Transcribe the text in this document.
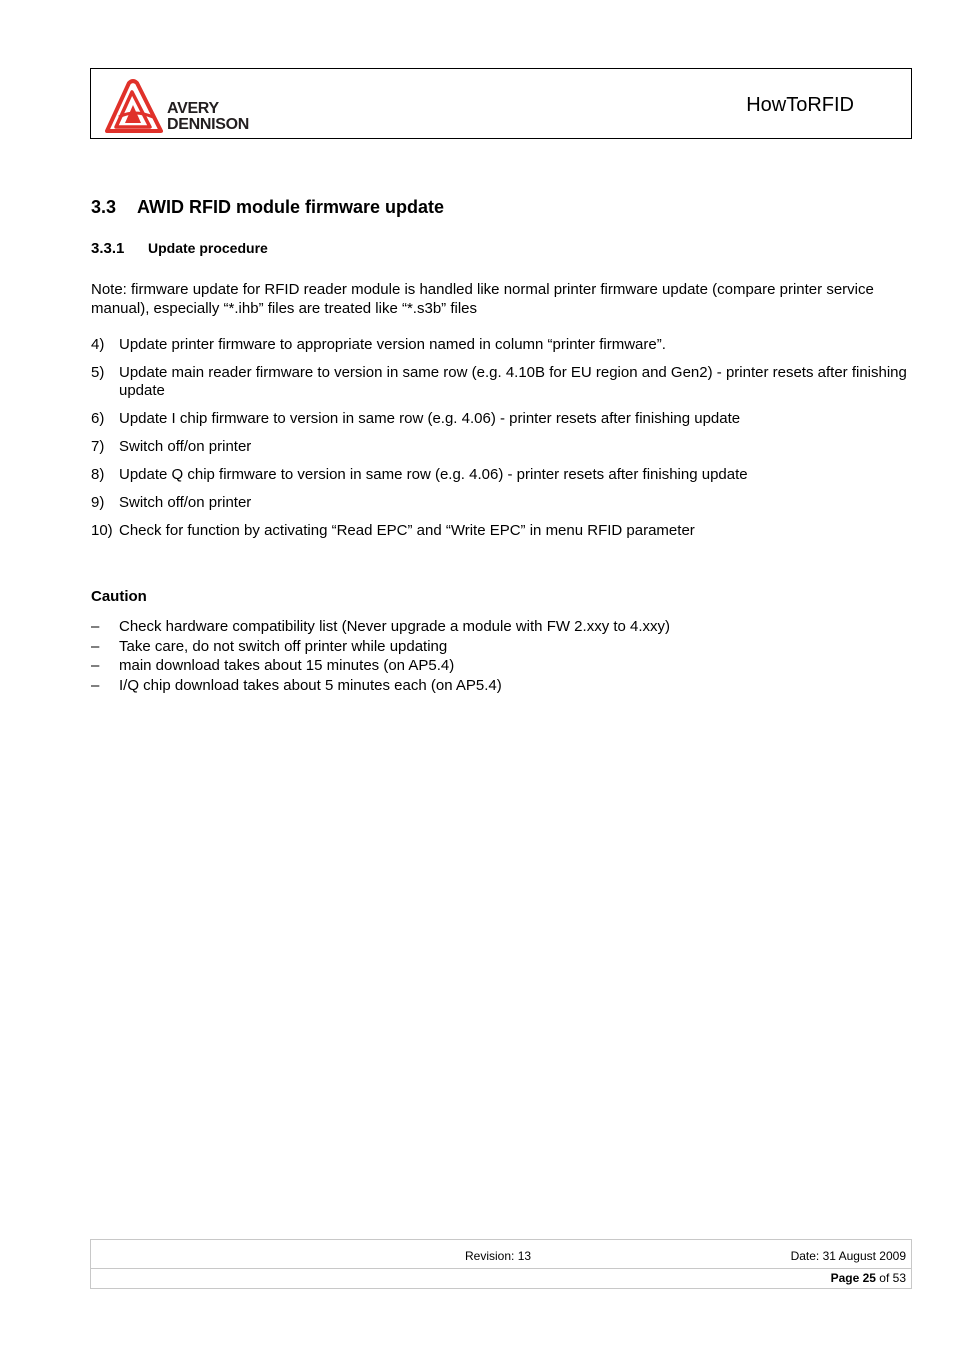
AVERY
DENNISON
HowToRFID
3.3 AWID RFID module firmware update
3.3.1 Update procedure
Note: firmware update for RFID reader module is handled like normal printer firmware update (compare printer service manual), especially “*.ihb” files are treated like “*.s3b” files
4) Update printer firmware to appropriate version named in column “printer firmware”.
5) Update main reader firmware to version in same row (e.g. 4.10B for EU region and Gen2) - printer resets after finishing update
6) Update I chip firmware to version in same row (e.g. 4.06) - printer resets after finishing update
7) Switch off/on printer
8) Update Q chip firmware to version in same row (e.g. 4.06) - printer resets after finishing update
9) Switch off/on printer
10) Check for function by activating “Read EPC” and “Write EPC” in menu RFID parameter
Caution
– Check hardware compatibility list (Never upgrade a module with FW 2.xxy to 4.xxy)
– Take care, do not switch off printer while updating
– main download takes about 15 minutes (on AP5.4)
– I/Q chip download takes about 5 minutes each (on AP5.4)
Revision: 13	Date: 31 August 2009
Page 25 of 53
